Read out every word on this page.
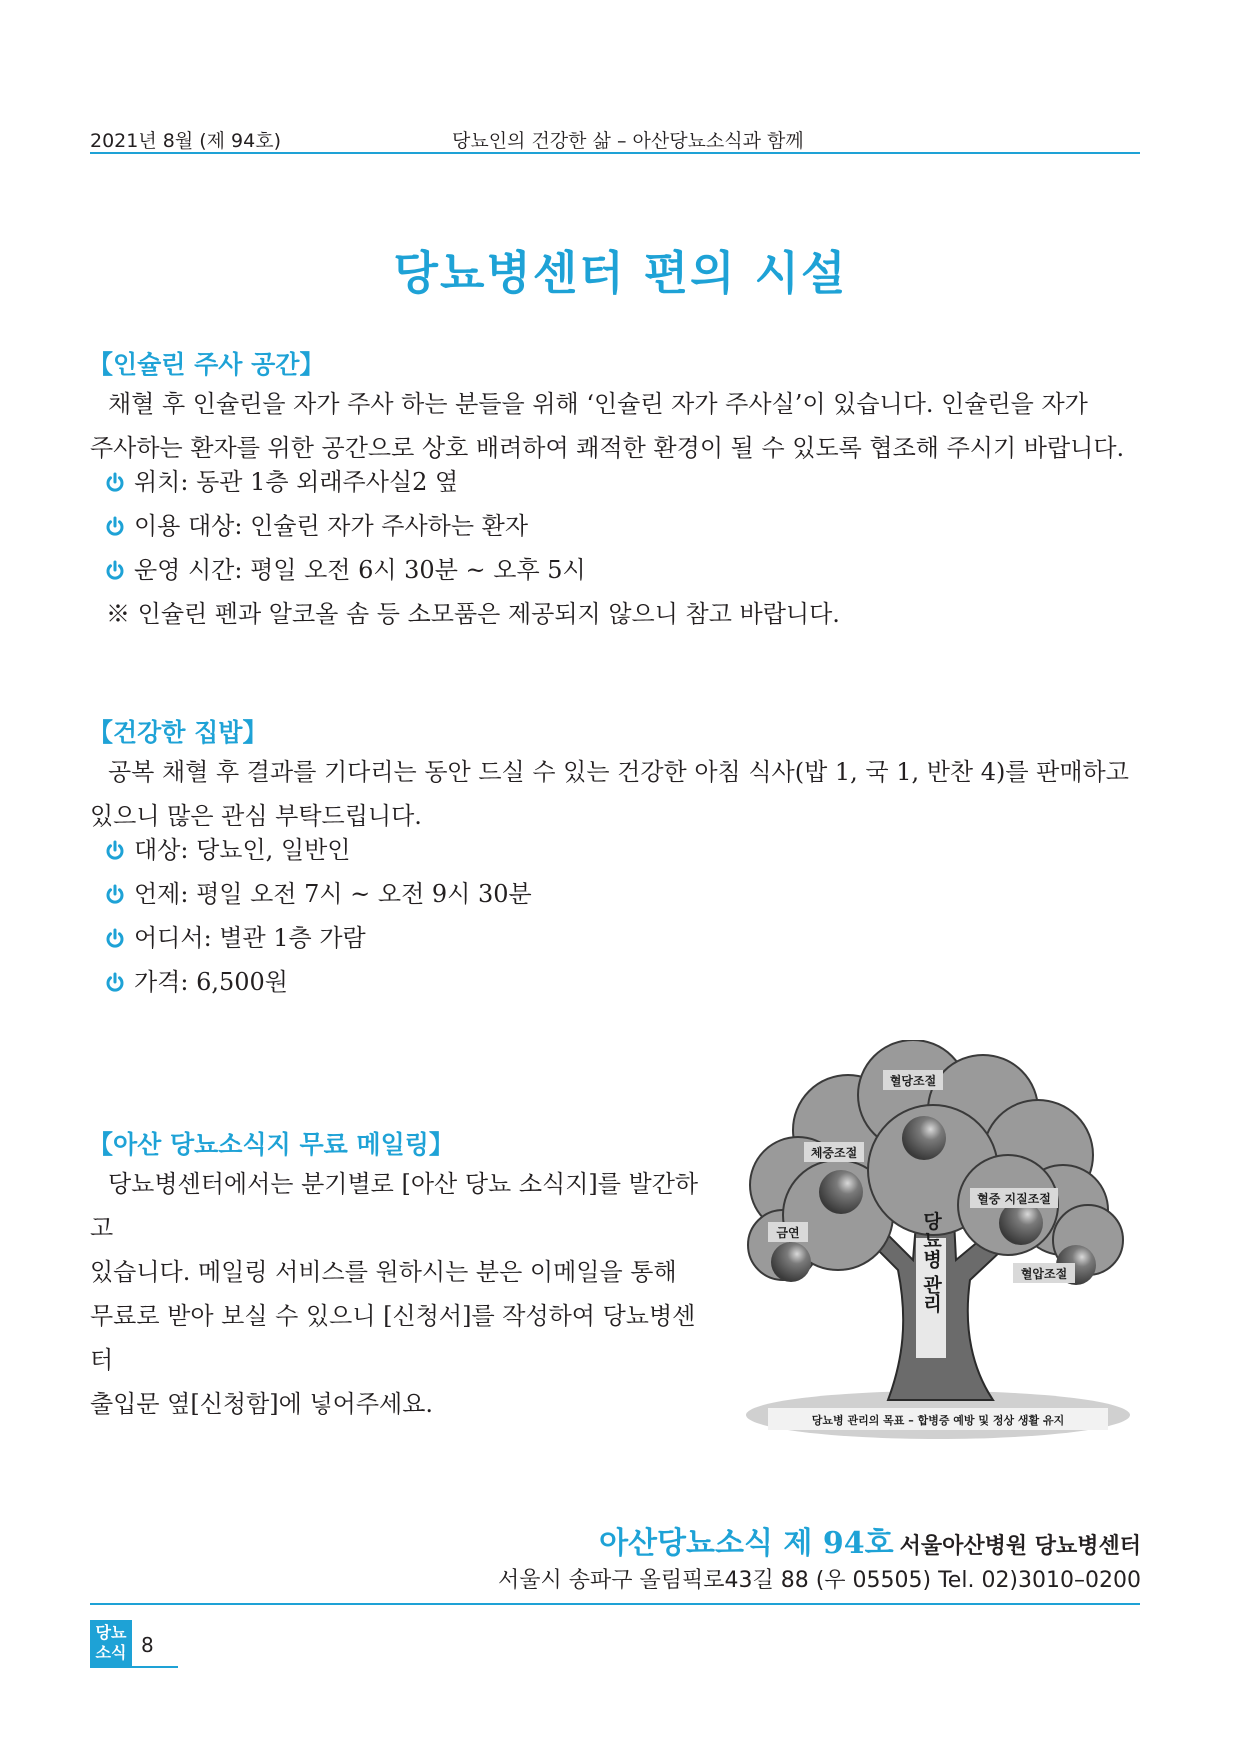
2021년 8월 (제 94호)	당뇨인의 건강한 삶 – 아산당뇨소식과 함께
당뇨병센터 편의 시설
【인슐린 주사 공간】

채혈 후 인슐린을 자가 주사 하는 분들을 위해 ‘인슐린 자가 주사실’이 있습니다. 인슐린을 자가

주사하는 환자를 위한 공간으로 상호 배려하여 쾌적한 환경이 될 수 있도록 협조해 주시기 바랍니다.

위치 : 동관 1층 외래주사실2 옆
이용 대상 : 인슐린 자가 주사하는 환자
운영 시간 : 평일 오전 6시 30분 ~ 오후 5시
※ 인슐린 펜과 알코올 솜 등 소모품은 제공되지 않으니 참고 바랍니다.
【건강한 집밥】

공복 채혈 후 결과를 기다리는 동안 드실 수 있는 건강한 아침 식사(밥 1, 국 1, 반찬 4)를 판매하고

있으니 많은 관심 부탁드립니다.

대상 : 당뇨인, 일반인
언제 : 평일 오전 7시 ~ 오전 9시 30분
어디서 : 별관 1층 가람
가격 : 6,500원
【아산 당뇨소식지 무료 메일링】

당뇨병센터에서는 분기별로 [아산 당뇨 소식지]를 발간하고

있습니다. 메일링 서비스를 원하시는 분은 이메일을 통해

무료로 받아 보실 수 있으니 [신청서]를 작성하여 당뇨병센터

출입문 옆[신청함]에 넣어주세요.

혈당조절
체중조절
혈중 지질조절
금연
혈압조절
당뇨병 관리
당뇨병 관리의 목표 – 합병증 예방 및 정상 생활 유지
아산당뇨소식 제 94호 서울아산병원 당뇨병센터
서울시 송파구 올림픽로43길 88 (우 05505) Tel. 02)3010–0200
당뇨
소식 8
